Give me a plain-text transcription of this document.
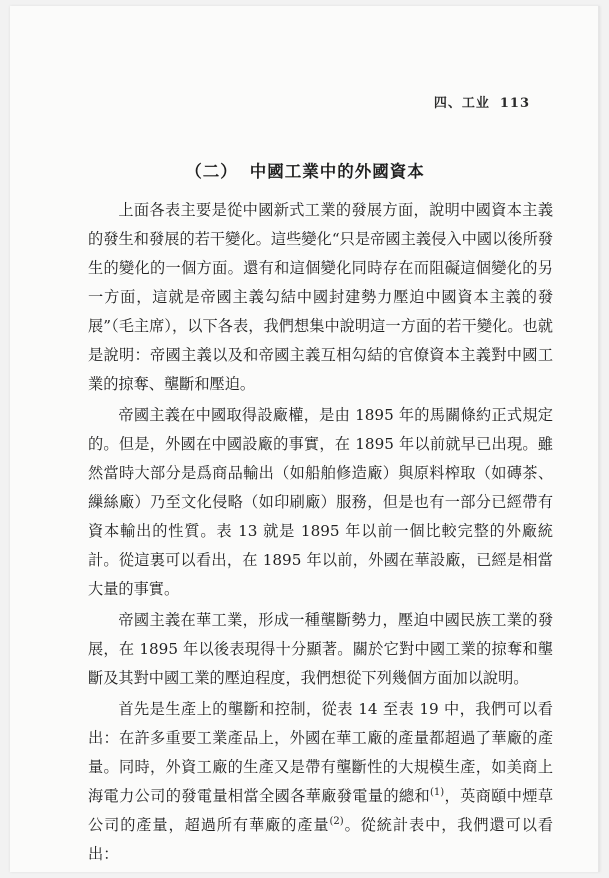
四、工业 113
（二） 中國工業中的外國資本

上面各表主要是從中國新式工業的發展方面，說明中國資本主義的發生和發展的若干變化。這些變化“只是帝國主義侵入中國以後所發生的變化的一個方面。還有和這個變化同時存在而阻礙這個變化的另一方面，這就是帝國主義勾結中國封建勢力壓迫中國資本主義的發展”（毛主席），以下各表，我們想集中說明這一方面的若干變化。也就是說明：帝國主義以及和帝國主義互相勾結的官僚資本主義對中國工業的掠奪、壟斷和壓迫。

帝國主義在中國取得設廠權，是由 1895 年的馬關條約正式規定的。但是，外國在中國設廠的事實，在 1895 年以前就早已出現。雖然當時大部分是爲商品輸出（如船舶修造廠）與原料榨取（如磚茶、繅絲廠）乃至文化侵略（如印刷廠）服務，但是也有一部分已經帶有資本輸出的性質。表 13 就是 1895 年以前一個比較完整的外廠統計。從這裏可以看出，在 1895 年以前，外國在華設廠，已經是相當大量的事實。

帝國主義在華工業，形成一種壟斷勢力，壓迫中國民族工業的發展，在 1895 年以後表現得十分顯著。關於它對中國工業的掠奪和壟斷及其對中國工業的壓迫程度，我們想從下列幾個方面加以說明。

首先是生產上的壟斷和控制，從表 14 至表 19 中，我們可以看出：在許多重要工業產品上，外國在華工廠的產量都超過了華廠的產量。同時，外資工廠的生產又是帶有壟斷性的大規模生產，如美商上海電力公司的發電量相當全國各華廠發電量的總和$^{(1)}$，英商頤中煙草公司的產量，超過所有華廠的產量$^{(2)}$。從統計表中，我們還可以看出：
